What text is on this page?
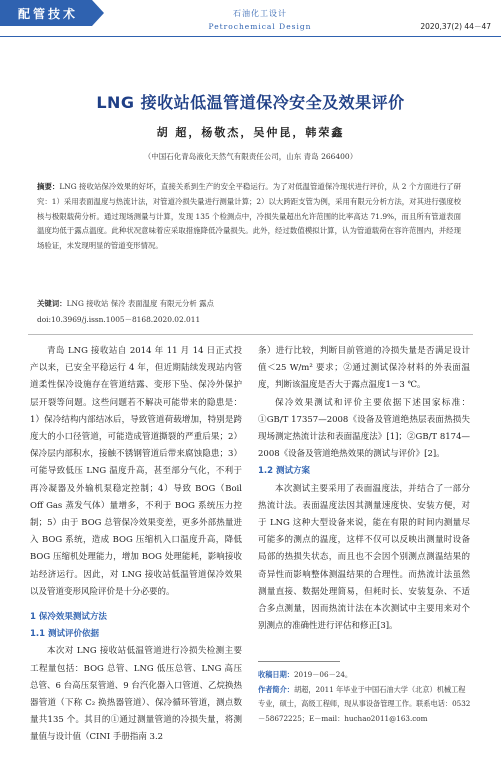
配管技术	石油化工设计
Petrochemical Design	2020,37(2) 44－47
LNG 接收站低温管道保冷安全及效果评价
胡 超，杨敬杰，吴仲昆，韩荣鑫
（中国石化青岛液化天然气有限责任公司，山东 青岛 266400）
摘要：LNG 接收站保冷效果的好坏，直接关系到生产的安全平稳运行。为了对低温管道保冷现状进行评价，从 2 个方面进行了研究：1）采用表面温度与热流计法，对管道冷损失量进行测量计算；2）以大跨距支管为例，采用有限元分析方法，对其进行强度校核与极限载荷分析。通过现场测量与计算，发现 135 个检测点中，冷损失量超出允许范围的比率高达 71.9%，而且所有管道表面温度均低于露点温度。此种状况意味着应采取措施降低冷量损失。此外，经过数值模拟计算，认为管道载荷在容许范围内，并经现场验证，未发现明显的管道变形情况。
关键词：LNG 接收站 保冷 表面温度 有限元分析 露点
doi:10.3969/j.issn.1005－8168.2020.02.011

青岛 LNG 接收站自 2014 年 11 月 14 日正式投产以来，已安全平稳运行 4 年，但近期陆续发现站内管道柔性保冷设施存在管道结露、变形下坠、保冷外保护层开裂等问题。这些问题若不解决可能带来的隐患是：1）保冷结构内部结冰后，导致管道荷载增加，特别是跨度大的小口径管道，可能造成管道撕裂的严重后果；2）保冷层内部积水，接触不锈钢管道后带来腐蚀隐患；3）可能导致低压 LNG 温度升高，甚至部分气化，不利于再冷凝器及外输机泵稳定控制；4）导致 BOG（Boil Off Gas 蒸发气体）量增多，不利于 BOG 系统压力控制；5）由于 BOG 总管保冷效果变差，更多外部热量进入 BOG 系统，造成 BOG 压缩机入口温度升高，降低 BOG 压缩机处理能力，增加 BOG 处理能耗，影响接收站经济运行。因此，对 LNG 接收站低温管道保冷效果以及管道变形风险评价是十分必要的。

1 保冷效果测试方法

1.1 测试评价依据

本次对 LNG 接收站低温管道进行冷损失检测主要工程量包括：BOG 总管、LNG 低压总管、LNG 高压总管、6 台高压泵管道、9 台汽化器入口管道、乙烷换热器管道（下称 C₂ 换热器管道）、保冷循环管道，测点数量共135 个。其目的①通过测量管道的冷损失量，将测量值与设计值（CINI 手册指南 3.2

条）进行比较，判断目前管道的冷损失量是否满足设计值＜25 W/m² 要求；②通过测试保冷材料的外表面温度，判断该温度是否大于露点温度1－3 ℃。

保冷效果测试和评价主要依据下述国家标准：①GB/T 17357—2008《设备及管道绝热层表面热损失现场测定热流计法和表面温度法》[1]；②GB/T 8174—2008《设备及管道绝热效果的测试与评价》[2]。

1.2 测试方案

本次测试主要采用了表面温度法，并结合了一部分热流计法。表面温度法因其测量速度快、安装方便，对于 LNG 这种大型设备来说，能在有限的时间内测量尽可能多的测点的温度，这样不仅可以反映出测量时设备局部的热损失状态，而且也不会因个别测点测温结果的奇异性而影响整体测温结果的合理性。而热流计法虽然测量直接、数据处理简易，但耗时长、安装复杂、不适合多点测量，因而热流计法在本次测试中主要用来对个别测点的准确性进行评估和修正[3]。

收稿日期：2019－06－24。
作者简介：胡超，2011 年毕业于中国石油大学（北京）机械工程专业，硕士，高级工程师，现从事设备管理工作。联系电话：0532－58672225；E－mail：huchao2011@163.com
